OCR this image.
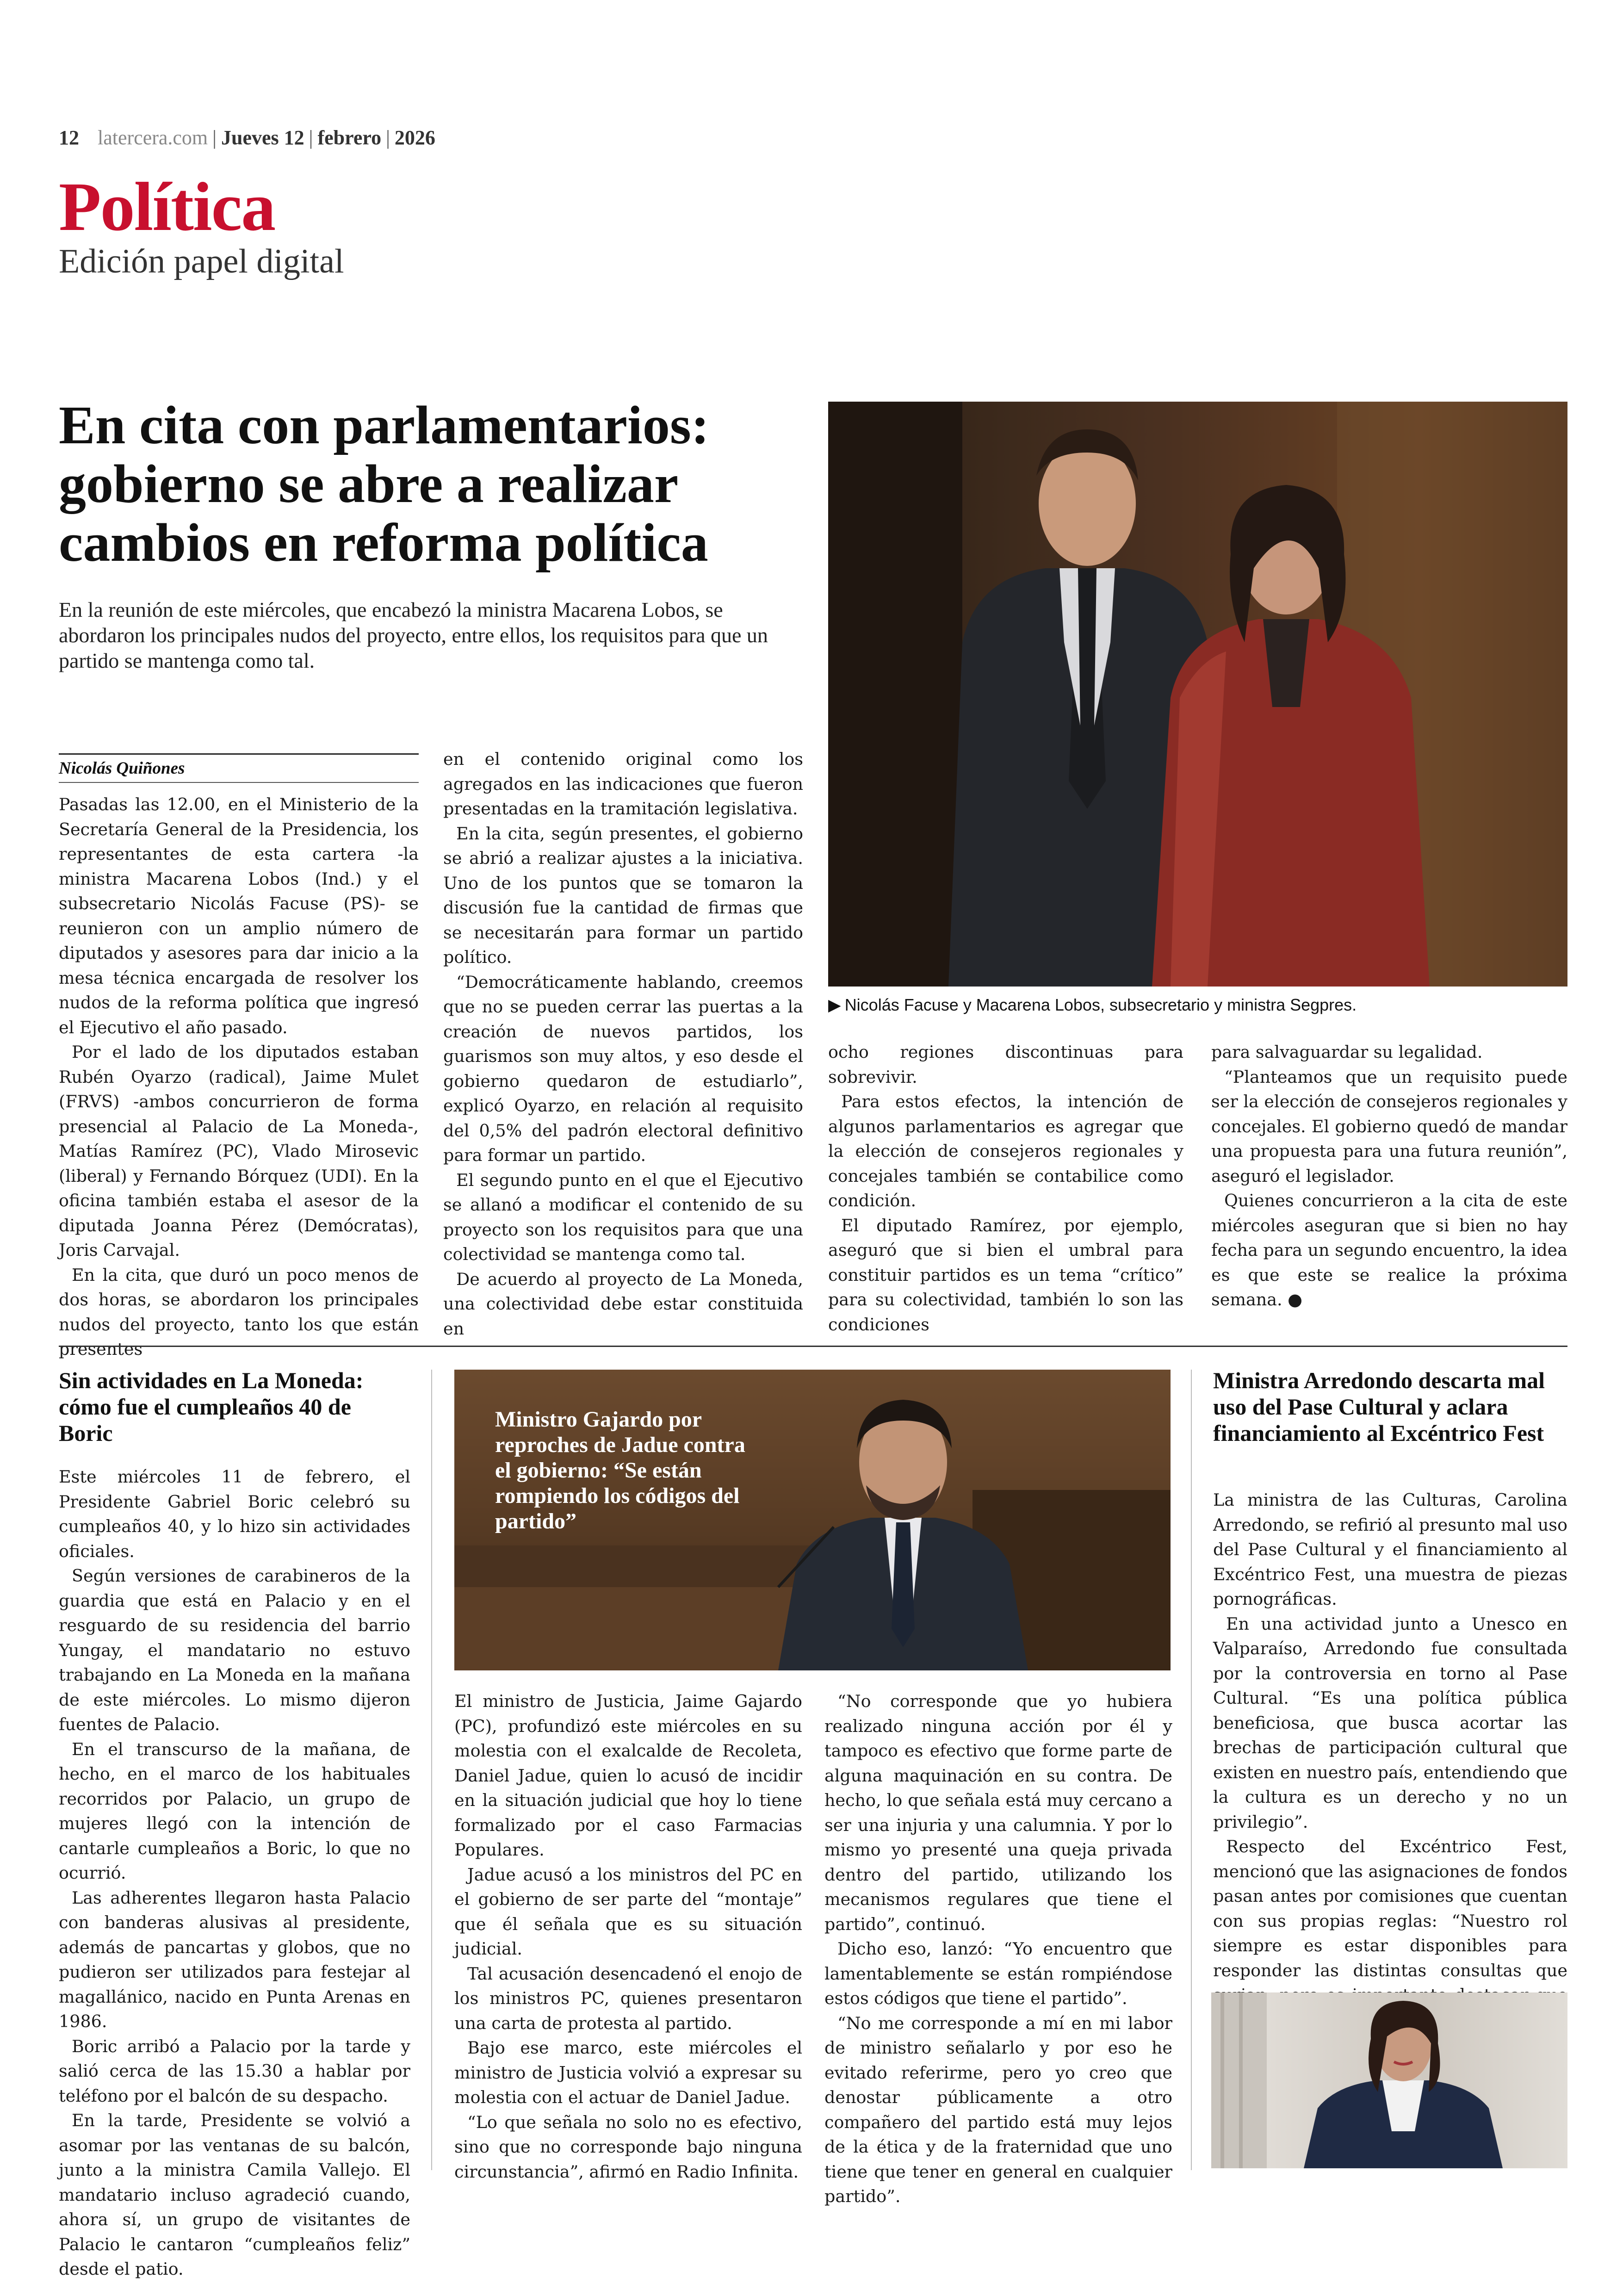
12 latercera.com | Jueves 12 | febrero | 2026
Política
Edición papel digital
En cita con parlamentarios: gobierno se abre a realizar cambios en reforma política

En la reunión de este miércoles, que encabezó la ministra Macarena Lobos, se abordaron los principales nudos del proyecto, entre ellos, los requisitos para que un partido se mantenga como tal.

Nicolás Quiñones

Pasadas las 12.00, en el Ministerio de la Secretaría General de la Presidencia, los representantes de esta cartera -la ministra Macarena Lobos (Ind.) y el subsecretario Nicolás Facuse (PS)- se reunieron con un amplio número de diputados y asesores para dar inicio a la mesa técnica encargada de resolver los nudos de la reforma política que ingresó el Ejecutivo el año pasado.

Por el lado de los diputados estaban Rubén Oyarzo (radical), Jaime Mulet (FRVS) -ambos concurrieron de forma presencial al Palacio de La Moneda-, Matías Ramírez (PC), Vlado Mirosevic (liberal) y Fernando Bórquez (UDI). En la oficina también estaba el asesor de la diputada Joanna Pérez (Demócratas), Joris Carvajal.

En la cita, que duró un poco menos de dos horas, se abordaron los principales nudos del proyecto, tanto los que están presentes

en el contenido original como los agregados en las indicaciones que fueron presentadas en la tramitación legislativa.

En la cita, según presentes, el gobierno se abrió a realizar ajustes a la iniciativa. Uno de los puntos que se tomaron la discusión fue la cantidad de firmas que se necesitarán para formar un partido político.

“Democráticamente hablando, creemos que no se pueden cerrar las puertas a la creación de nuevos partidos, los guarismos son muy altos, y eso desde el gobierno quedaron de estudiarlo”, explicó Oyarzo, en relación al requisito del 0,5% del padrón electoral definitivo para formar un partido.

El segundo punto en el que el Ejecutivo se allanó a modificar el contenido de su proyecto son los requisitos para que una colectividad se mantenga como tal.

De acuerdo al proyecto de La Moneda, una colectividad debe estar constituida en

▶ Nicolás Facuse y Macarena Lobos, subsecretario y ministra Segpres.

ocho regiones discontinuas para sobrevivir.

Para estos efectos, la intención de algunos parlamentarios es agregar que la elección de consejeros regionales y concejales también se contabilice como condición.

El diputado Ramírez, por ejemplo, aseguró que si bien el umbral para constituir partidos es un tema “crítico” para su colectividad, también lo son las condiciones

para salvaguardar su legalidad.

“Planteamos que un requisito puede ser la elección de consejeros regionales y concejales. El gobierno quedó de mandar una propuesta para una futura reunión”, aseguró el legislador.

Quienes concurrieron a la cita de este miércoles aseguran que si bien no hay fecha para un segundo encuentro, la idea es que este se realice la próxima semana. ●

Sin actividades en La Moneda: cómo fue el cumpleaños 40 de Boric

Este miércoles 11 de febrero, el Presidente Gabriel Boric celebró su cumpleaños 40, y lo hizo sin actividades oficiales.

Según versiones de carabineros de la guardia que está en Palacio y en el resguardo de su residencia del barrio Yungay, el mandatario no estuvo trabajando en La Moneda en la mañana de este miércoles. Lo mismo dijeron fuentes de Palacio.

En el transcurso de la mañana, de hecho, en el marco de los habituales recorridos por Palacio, un grupo de mujeres llegó con la intención de cantarle cumpleaños a Boric, lo que no ocurrió.

Las adherentes llegaron hasta Palacio con banderas alusivas al presidente, además de pancartas y globos, que no pudieron ser utilizados para festejar al magallánico, nacido en Punta Arenas en 1986.

Boric arribó a Palacio por la tarde y salió cerca de las 15.30 a hablar por teléfono por el balcón de su despacho.

En la tarde, Presidente se volvió a asomar por las ventanas de su balcón, junto a la ministra Camila Vallejo. El mandatario incluso agradeció cuando, ahora sí, un grupo de visitantes de Palacio le cantaron “cumpleaños feliz” desde el patio.

Ministro Gajardo por reproches de Jadue contra el gobierno: “Se están rompiendo los códigos del partido”

El ministro de Justicia, Jaime Gajardo (PC), profundizó este miércoles en su molestia con el exalcalde de Recoleta, Daniel Jadue, quien lo acusó de incidir en la situación judicial que hoy lo tiene formalizado por el caso Farmacias Populares.

Jadue acusó a los ministros del PC en el gobierno de ser parte del “montaje” que él señala que es su situación judicial.

Tal acusación desencadenó el enojo de los ministros PC, quienes presentaron una carta de protesta al partido.

Bajo ese marco, este miércoles el ministro de Justicia volvió a expresar su molestia con el actuar de Daniel Jadue.

“Lo que señala no solo no es efectivo, sino que no corresponde bajo ninguna circunstancia”, afirmó en Radio Infinita.

“No corresponde que yo hubiera realizado ninguna acción por él y tampoco es efectivo que forme parte de alguna maquinación en su contra. De hecho, lo que señala está muy cercano a ser una injuria y una calumnia. Y por lo mismo yo presenté una queja privada dentro del partido, utilizando los mecanismos regulares que tiene el partido”, continuó.

Dicho eso, lanzó: “Yo encuentro que lamentablemente se están rompiéndose estos códigos que tiene el partido”.

“No me corresponde a mí en mi labor de ministro señalarlo y por eso he evitado referirme, pero yo creo que denostar públicamente a otro compañero del partido está muy lejos de la ética y de la fraternidad que uno tiene que tener en general en cualquier partido”.

Ministra Arredondo descarta mal uso del Pase Cultural y aclara financiamiento al Excéntrico Fest

La ministra de las Culturas, Carolina Arredondo, se refirió al presunto mal uso del Pase Cultural y el financiamiento al Excéntrico Fest, una muestra de piezas pornográficas.

En una actividad junto a Unesco en Valparaíso, Arredondo fue consultada por la controversia en torno al Pase Cultural. “Es una política pública beneficiosa, que busca acortar las brechas de participación cultural que existen en nuestro país, entendiendo que la cultura es un derecho y no un privilegio”.

Respecto del Excéntrico Fest, mencionó que las asignaciones de fondos pasan antes por comisiones que cuentan con sus propias reglas: “Nuestro rol siempre es estar disponibles para responder las distintas consultas que
